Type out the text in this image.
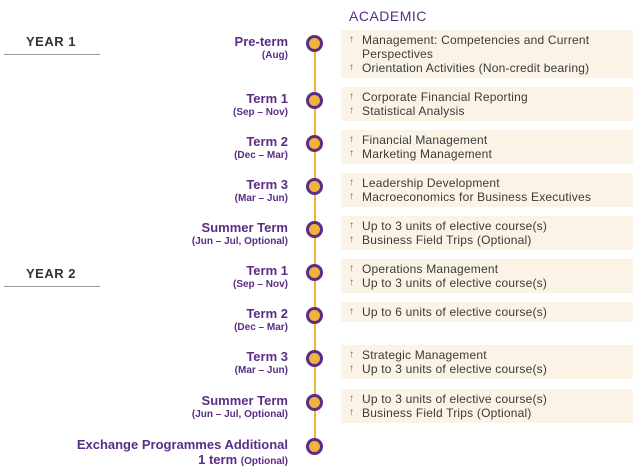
ACADEMIC
YEAR 1
YEAR 2
Pre-term
(Aug)
↑ Management: Competencies and Current Perspectives
↑ Orientation Activities (Non-credit bearing)
Term 1
(Sep – Nov)
↑ Corporate Financial Reporting
↑ Statistical Analysis
Term 2
(Dec – Mar)
↑ Financial Management
↑ Marketing Management
Term 3
(Mar – Jun)
↑ Leadership Development
↑ Macroeconomics for Business Executives
Summer Term
(Jun – Jul, Optional)
↑ Up to 3 units of elective course(s)
↑ Business Field Trips (Optional)
Term 1
(Sep – Nov)
↑ Operations Management
↑ Up to 3 units of elective course(s)
Term 2
(Dec – Mar)
↑ Up to 6 units of elective course(s)
Term 3
(Mar – Jun)
↑ Strategic Management
↑ Up to 3 units of elective course(s)
Summer Term
(Jun – Jul, Optional)
↑ Up to 3 units of elective course(s)
↑ Business Field Trips (Optional)
Exchange Programmes Additional
1 term (Optional)
